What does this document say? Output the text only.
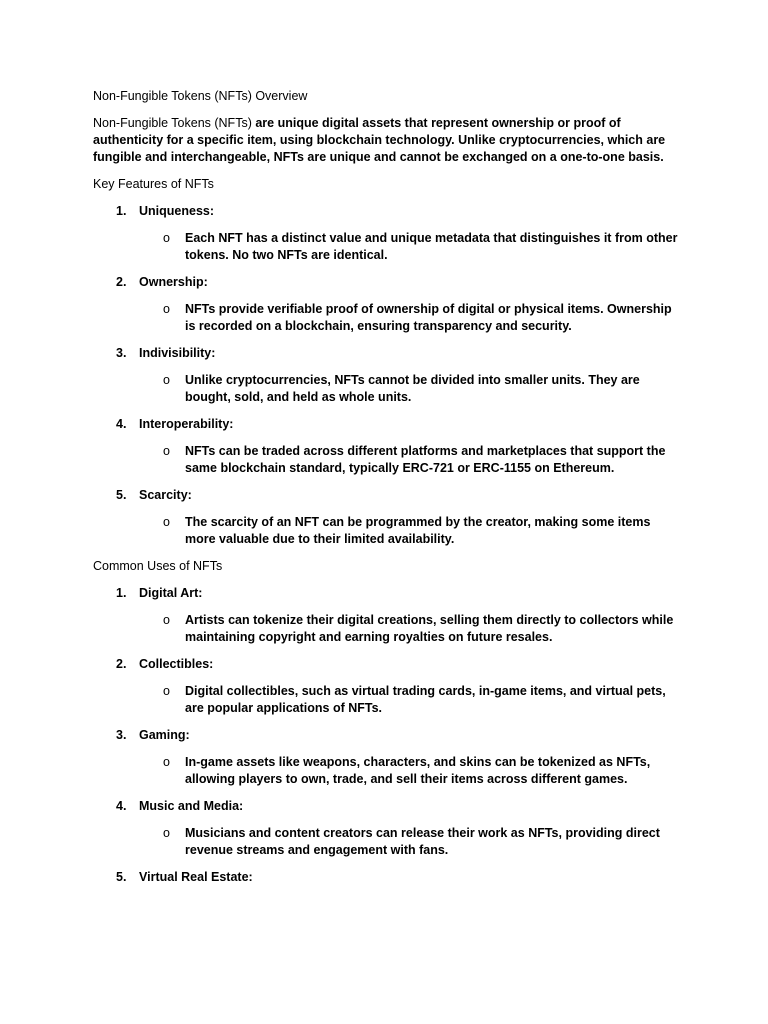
Non-Fungible Tokens (NFTs) Overview

Non-Fungible Tokens (NFTs) are unique digital assets that represent ownership or proof of authenticity for a specific item, using blockchain technology. Unlike cryptocurrencies, which are fungible and interchangeable, NFTs are unique and cannot be exchanged on a one-to-one basis.

Key Features of NFTs

1. Uniqueness:
o Each NFT has a distinct value and unique metadata that distinguishes it from other tokens. No two NFTs are identical.
2. Ownership:
o NFTs provide verifiable proof of ownership of digital or physical items. Ownership is recorded on a blockchain, ensuring transparency and security.
3. Indivisibility:
o Unlike cryptocurrencies, NFTs cannot be divided into smaller units. They are bought, sold, and held as whole units.
4. Interoperability:
o NFTs can be traded across different platforms and marketplaces that support the same blockchain standard, typically ERC-721 or ERC-1155 on Ethereum.
5. Scarcity:
o The scarcity of an NFT can be programmed by the creator, making some items more valuable due to their limited availability.

Common Uses of NFTs

1. Digital Art:
o Artists can tokenize their digital creations, selling them directly to collectors while maintaining copyright and earning royalties on future resales.
2. Collectibles:
o Digital collectibles, such as virtual trading cards, in-game items, and virtual pets, are popular applications of NFTs.
3. Gaming:
o In-game assets like weapons, characters, and skins can be tokenized as NFTs, allowing players to own, trade, and sell their items across different games.
4. Music and Media:
o Musicians and content creators can release their work as NFTs, providing direct revenue streams and engagement with fans.
5. Virtual Real Estate:
